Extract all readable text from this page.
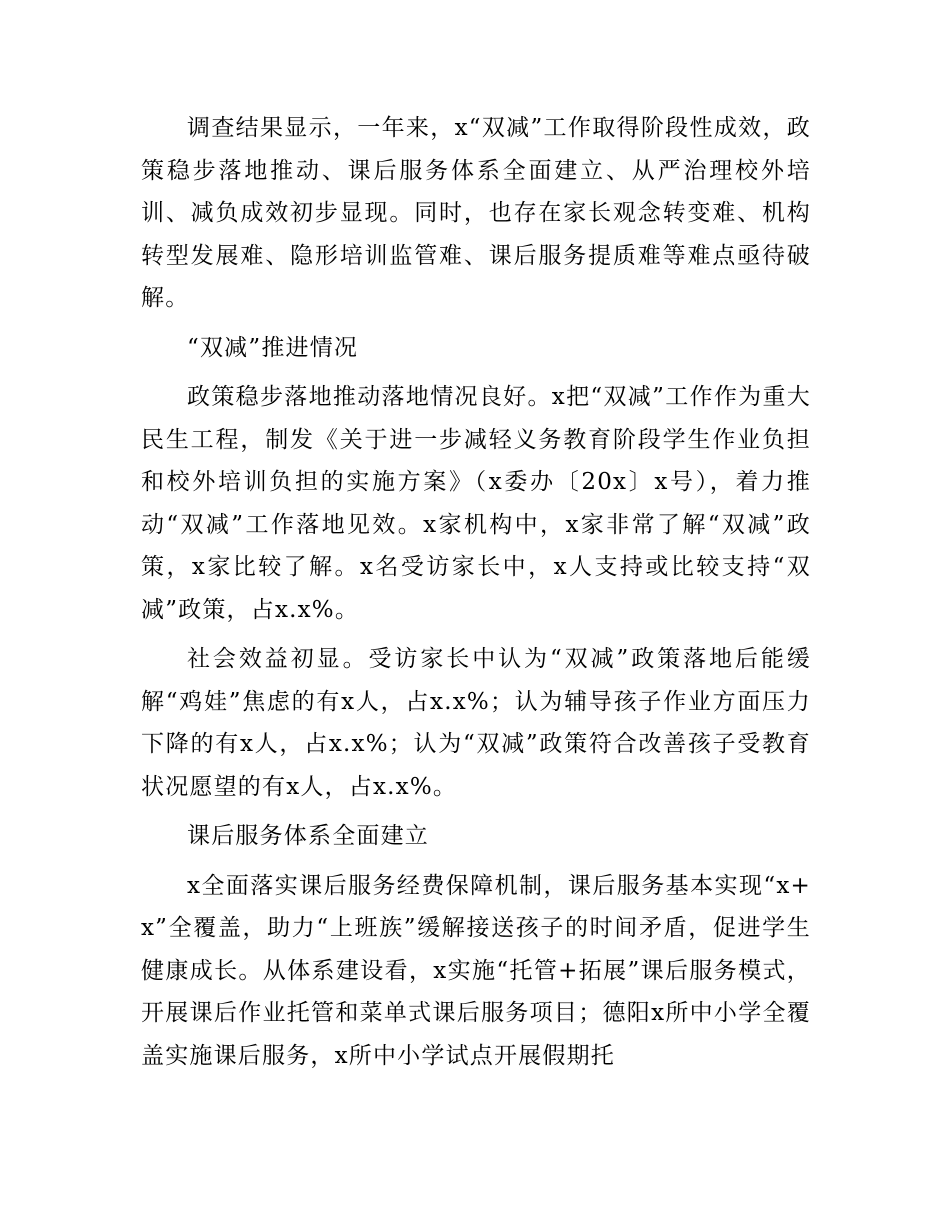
调查结果显示，一年来，x“双减”工作取得阶段性成效，政策稳步落地推动、课后服务体系全面建立、从严治理校外培训、减负成效初步显现。同时，也存在家长观念转变难、机构转型发展难、隐形培训监管难、课后服务提质难等难点亟待破解。

“双减”推进情况

政策稳步落地推动落地情况良好。x把“双减”工作作为重大民生工程，制发《关于进一步减轻义务教育阶段学生作业负担和校外培训负担的实施方案》（x委办〔20x〕x号），着力推动“双减”工作落地见效。x家机构中，x家非常了解“双减”政策，x家比较了解。x名受访家长中，x人支持或比较支持“双减”政策，占x.x%。

社会效益初显。受访家长中认为“双减”政策落地后能缓解“鸡娃”焦虑的有x人，占x.x%；认为辅导孩子作业方面压力下降的有x人，占x.x%；认为“双减”政策符合改善孩子受教育状况愿望的有x人，占x.x%。

课后服务体系全面建立

x全面落实课后服务经费保障机制，课后服务基本实现“x+x”全覆盖，助力“上班族”缓解接送孩子的时间矛盾，促进学生健康成长。从体系建设看，x实施“托管+拓展”课后服务模式，开展课后作业托管和菜单式课后服务项目；德阳x所中小学全覆盖实施课后服务，x所中小学试点开展假期托
